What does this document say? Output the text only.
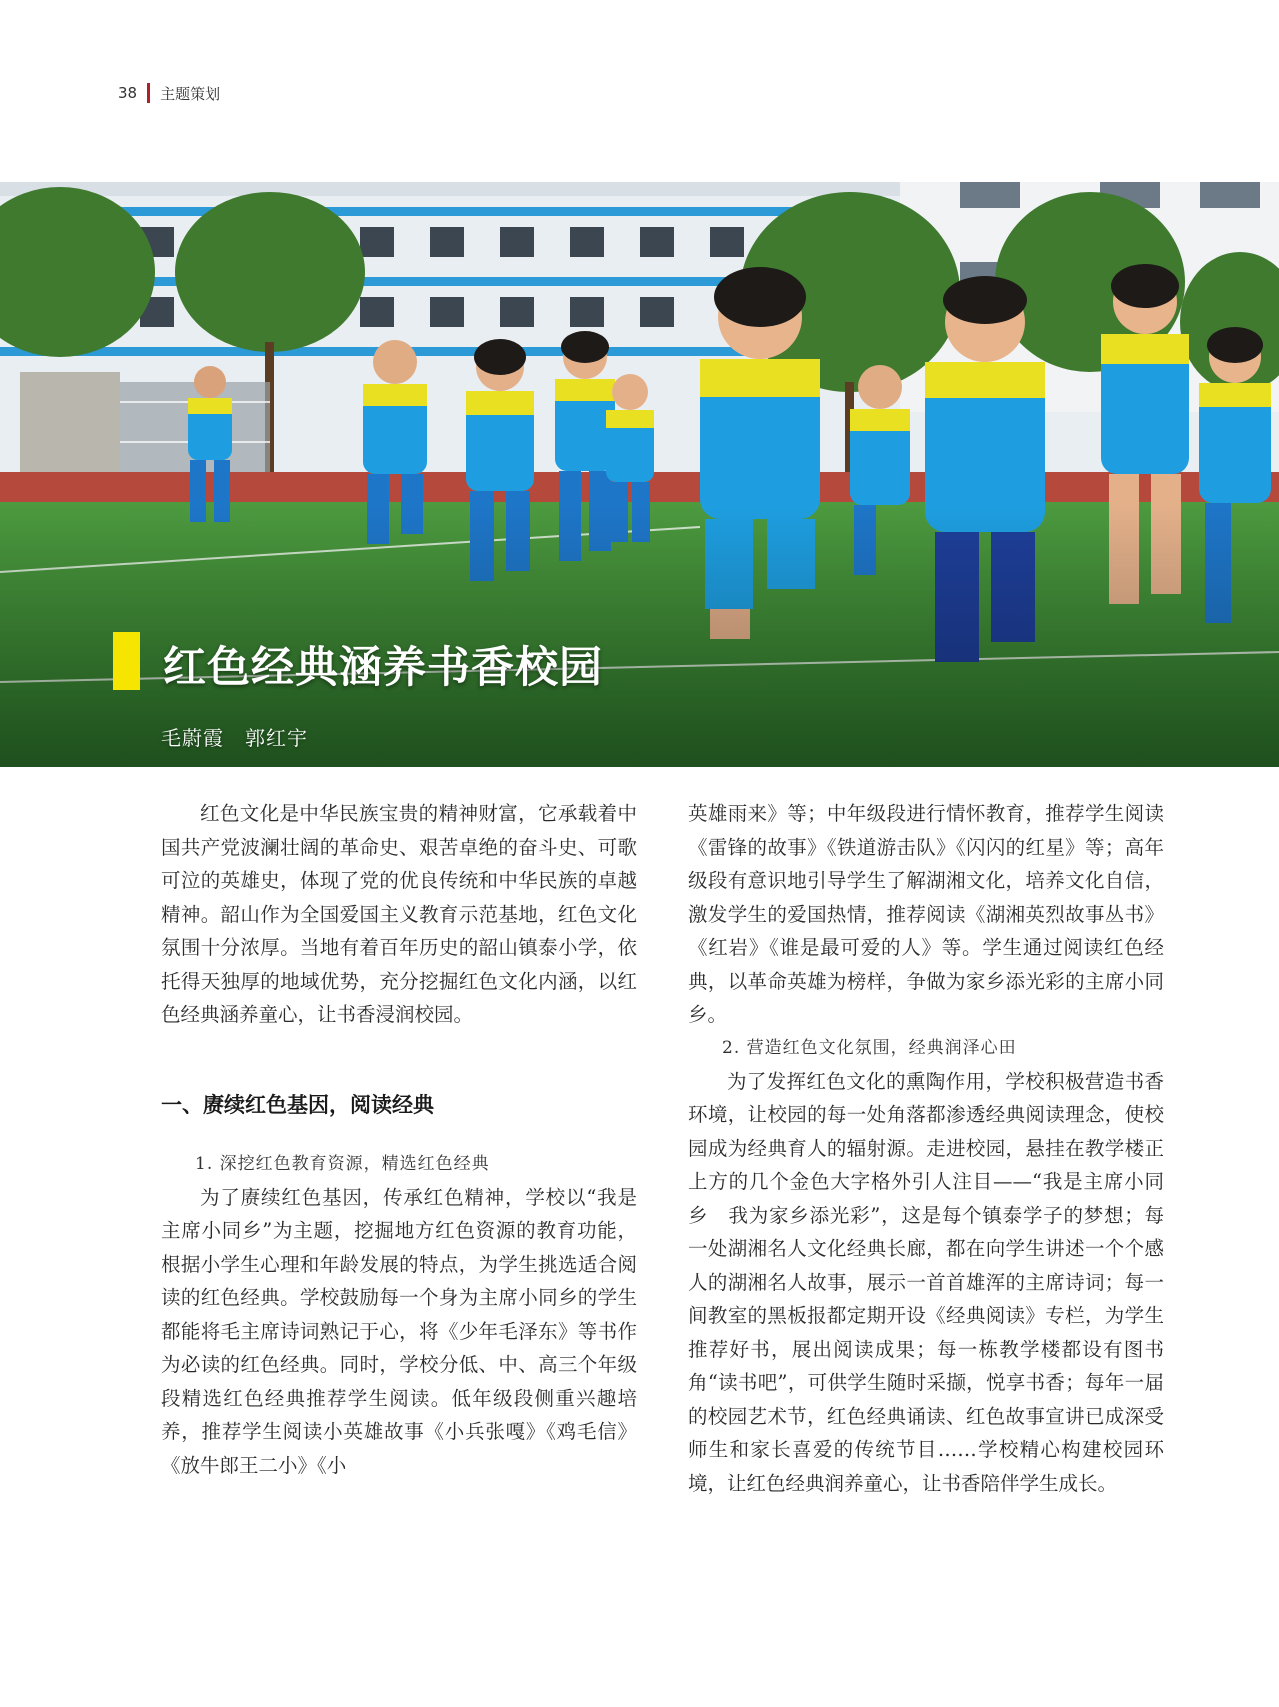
38 主题策划
红色经典涵养书香校园
毛蔚霞　郭红宇

红色文化是中华民族宝贵的精神财富，它承载着中国共产党波澜壮阔的革命史、艰苦卓绝的奋斗史、可歌可泣的英雄史，体现了党的优良传统和中华民族的卓越精神。韶山作为全国爱国主义教育示范基地，红色文化氛围十分浓厚。当地有着百年历史的韶山镇泰小学，依托得天独厚的地域优势，充分挖掘红色文化内涵，以红色经典涵养童心，让书香浸润校园。

一、赓续红色基因，阅读经典
1. 深挖红色教育资源，精选红色经典

为了赓续红色基因，传承红色精神，学校以“我是主席小同乡”为主题，挖掘地方红色资源的教育功能，根据小学生心理和年龄发展的特点，为学生挑选适合阅读的红色经典。学校鼓励每一个身为主席小同乡的学生都能将毛主席诗词熟记于心，将《少年毛泽东》等书作为必读的红色经典。同时，学校分低、中、高三个年级段精选红色经典推荐学生阅读。低年级段侧重兴趣培养，推荐学生阅读小英雄故事《小兵张嘎》《鸡毛信》《放牛郎王二小》《小

英雄雨来》等；中年级段进行情怀教育，推荐学生阅读《雷锋的故事》《铁道游击队》《闪闪的红星》等；高年级段有意识地引导学生了解湖湘文化，培养文化自信，激发学生的爱国热情，推荐阅读《湖湘英烈故事丛书》《红岩》《谁是最可爱的人》等。学生通过阅读红色经典，以革命英雄为榜样，争做为家乡添光彩的主席小同乡。

2. 营造红色文化氛围，经典润泽心田

为了发挥红色文化的熏陶作用，学校积极营造书香环境，让校园的每一处角落都渗透经典阅读理念，使校园成为经典育人的辐射源。走进校园，悬挂在教学楼正上方的几个金色大字格外引人注目——“我是主席小同乡　我为家乡添光彩”，这是每个镇泰学子的梦想；每一处湖湘名人文化经典长廊，都在向学生讲述一个个感人的湖湘名人故事，展示一首首雄浑的主席诗词；每一间教室的黑板报都定期开设《经典阅读》专栏，为学生推荐好书，展出阅读成果；每一栋教学楼都设有图书角“读书吧”，可供学生随时采撷，悦享书香；每年一届的校园艺术节，红色经典诵读、红色故事宣讲已成深受师生和家长喜爱的传统节目……学校精心构建校园环境，让红色经典润养童心，让书香陪伴学生成长。
